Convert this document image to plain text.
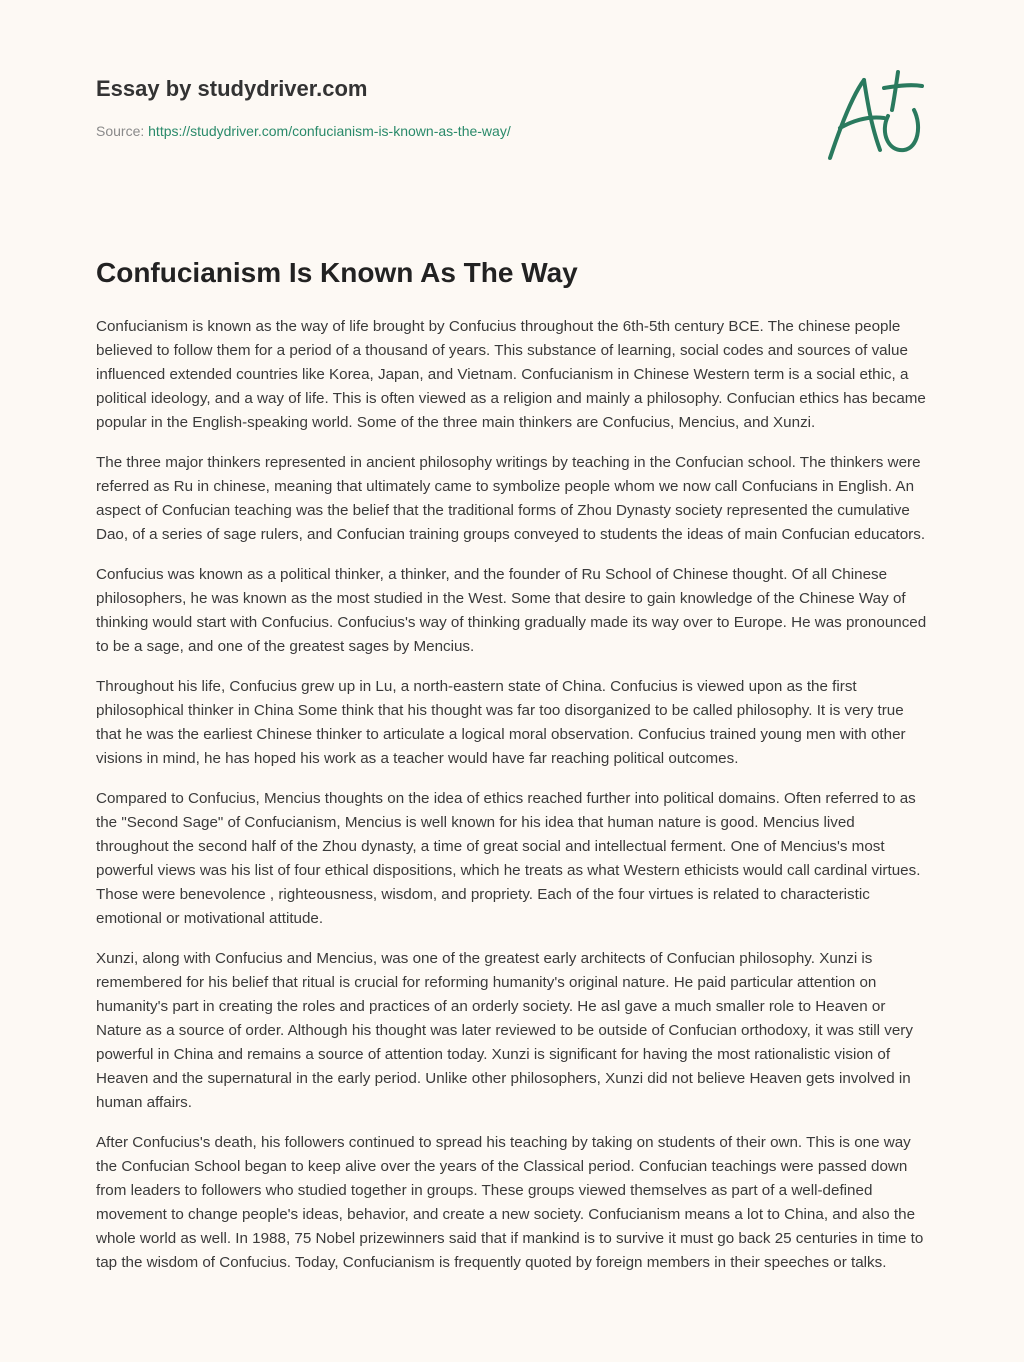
Essay by studydriver.com
Source: https://studydriver.com/confucianism-is-known-as-the-way/
Confucianism Is Known As The Way

Confucianism is known as the way of life brought by Confucius throughout the 6th-5th century BCE. The chinese people believed to follow them for a period of a thousand of years. This substance of learning, social codes and sources of value influenced extended countries like Korea, Japan, and Vietnam. Confucianism in Chinese Western term is a social ethic, a political ideology, and a way of life. This is often viewed as a religion and mainly a philosophy. Confucian ethics has became popular in the English-speaking world. Some of the three main thinkers are Confucius, Mencius, and Xunzi.

The three major thinkers represented in ancient philosophy writings by teaching in the Confucian school. The thinkers were referred as Ru in chinese, meaning that ultimately came to symbolize people whom we now call Confucians in English. An aspect of Confucian teaching was the belief that the traditional forms of Zhou Dynasty society represented the cumulative Dao, of a series of sage rulers, and Confucian training groups conveyed to students the ideas of main Confucian educators.

Confucius was known as a political thinker, a thinker, and the founder of Ru School of Chinese thought. Of all Chinese philosophers, he was known as the most studied in the West. Some that desire to gain knowledge of the Chinese Way of thinking would start with Confucius. Confucius's way of thinking gradually made its way over to Europe. He was pronounced to be a sage, and one of the greatest sages by Mencius.

Throughout his life, Confucius grew up in Lu, a north-eastern state of China. Confucius is viewed upon as the first philosophical thinker in China Some think that his thought was far too disorganized to be called philosophy. It is very true that he was the earliest Chinese thinker to articulate a logical moral observation. Confucius trained young men with other visions in mind, he has hoped his work as a teacher would have far reaching political outcomes.

Compared to Confucius, Mencius thoughts on the idea of ethics reached further into political domains. Often referred to as the "Second Sage" of Confucianism, Mencius is well known for his idea that human nature is good. Mencius lived throughout the second half of the Zhou dynasty, a time of great social and intellectual ferment. One of Mencius's most powerful views was his list of four ethical dispositions, which he treats as what Western ethicists would call cardinal virtues. Those were benevolence , righteousness, wisdom, and propriety. Each of the four virtues is related to characteristic emotional or motivational attitude.

Xunzi, along with Confucius and Mencius, was one of the greatest early architects of Confucian philosophy. Xunzi is remembered for his belief that ritual is crucial for reforming humanity's original nature. He paid particular attention on humanity's part in creating the roles and practices of an orderly society. He asl gave a much smaller role to Heaven or Nature as a source of order. Although his thought was later reviewed to be outside of Confucian orthodoxy, it was still very powerful in China and remains a source of attention today. Xunzi is significant for having the most rationalistic vision of Heaven and the supernatural in the early period. Unlike other philosophers, Xunzi did not believe Heaven gets involved in human affairs.

After Confucius's death, his followers continued to spread his teaching by taking on students of their own. This is one way the Confucian School began to keep alive over the years of the Classical period. Confucian teachings were passed down from leaders to followers who studied together in groups. These groups viewed themselves as part of a well-defined movement to change people's ideas, behavior, and create a new society. Confucianism means a lot to China, and also the whole world as well. In 1988, 75 Nobel prizewinners said that if mankind is to survive it must go back 25 centuries in time to tap the wisdom of Confucius. Today, Confucianism is frequently quoted by foreign members in their speeches or talks.
